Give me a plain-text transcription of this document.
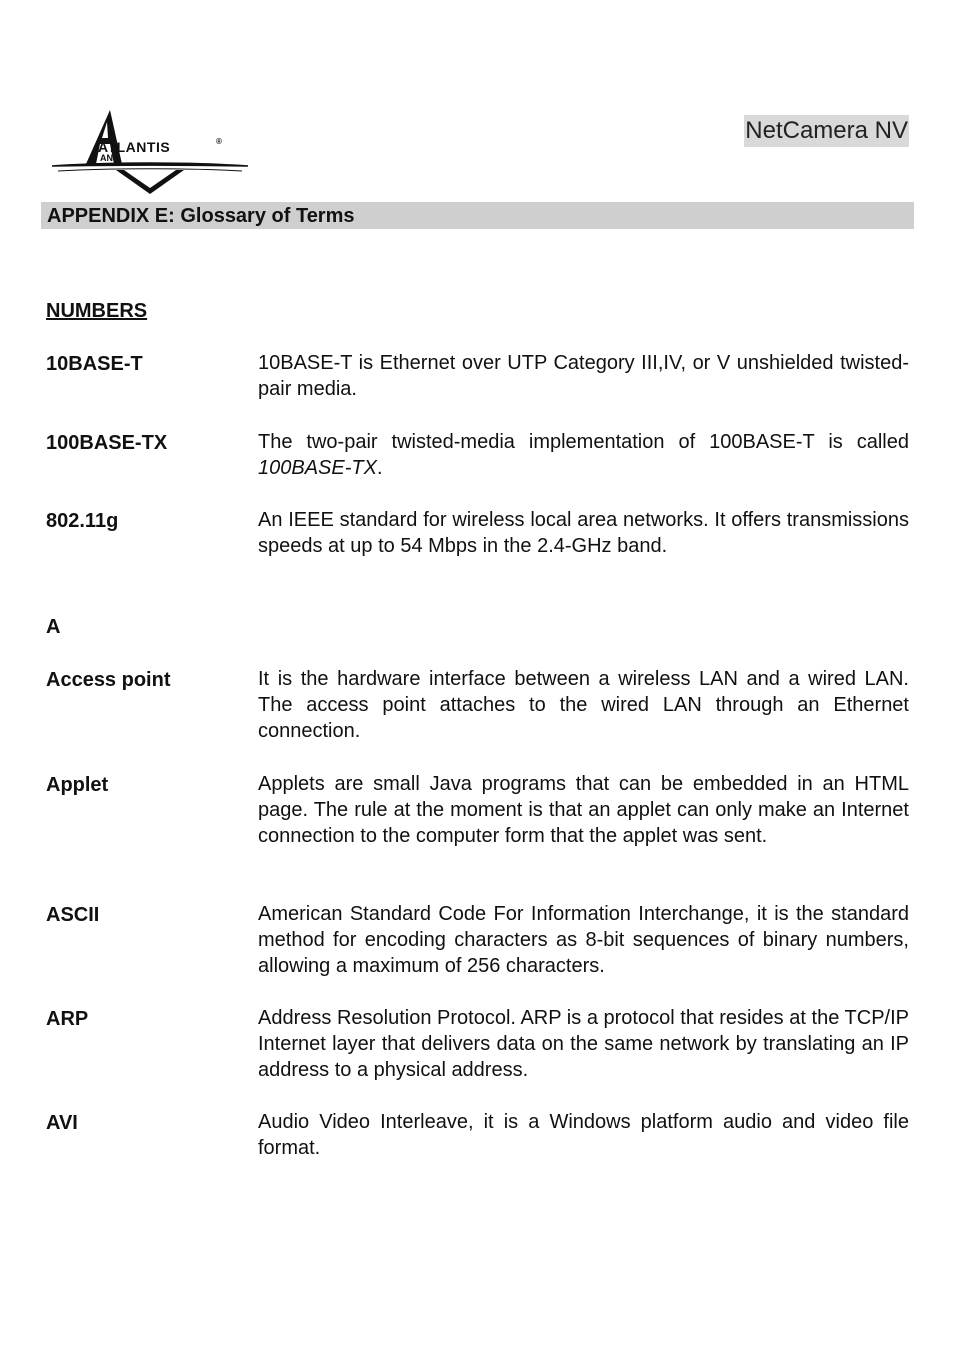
ATLANTIS
AND
®	NetCamera NV
APPENDIX E: Glossary of Terms
NUMBERS
10BASE-T	10BASE-T is Ethernet over UTP Category III,IV, or V unshielded twisted-pair media.

100BASE-TX	The two-pair twisted-media implementation of 100BASE-T is called 100BASE-TX.

802.11g	An IEEE standard for wireless local area networks. It offers transmissions speeds at up to 54 Mbps in the 2.4-GHz band.

A
Access point	It is the hardware interface between a wireless LAN and a wired LAN. The access point attaches to the wired LAN through an Ethernet connection.

Applet	Applets are small Java programs that can be embedded in an HTML page. The rule at the moment is that an applet can only make an Internet connection to the computer form that the applet was sent.

ASCII	American Standard Code For Information Interchange, it is the standard method for encoding characters as 8-bit sequences of binary numbers, allowing a maximum of 256 characters.

ARP	Address Resolution Protocol. ARP is a protocol that resides at the TCP/IP Internet layer that delivers data on the same network by translating an IP address to a physical address.

AVI	Audio Video Interleave, it is a Windows platform audio and video file format.
